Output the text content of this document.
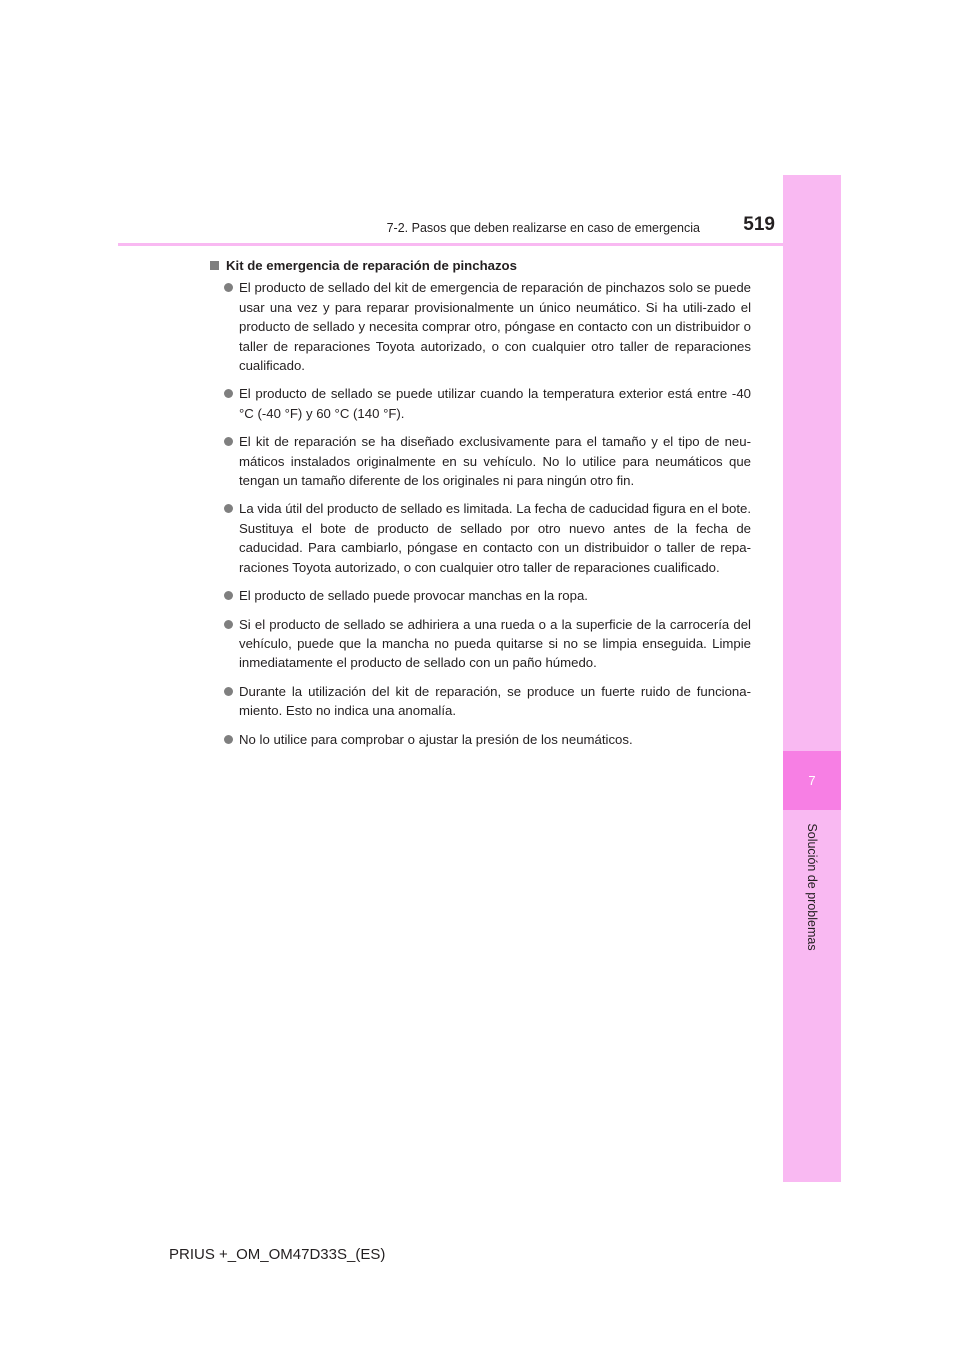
7
Solución de problemas
7-2. Pasos que deben realizarse en caso de emergencia	519
Kit de emergencia de reparación de pinchazos
El producto de sellado del kit de emergencia de reparación de pinchazos solo se puede usar una vez y para reparar provisionalmente un único neumático. Si ha utili-zado el producto de sellado y necesita comprar otro, póngase en contacto con un distribuidor o taller de reparaciones Toyota autorizado, o con cualquier otro taller de reparaciones cualificado.
El producto de sellado se puede utilizar cuando la temperatura exterior está entre -40 °C (-40 °F) y 60 °C (140 °F).
El kit de reparación se ha diseñado exclusivamente para el tamaño y el tipo de neu-máticos instalados originalmente en su vehículo. No lo utilice para neumáticos que tengan un tamaño diferente de los originales ni para ningún otro fin.
La vida útil del producto de sellado es limitada. La fecha de caducidad figura en el bote. Sustituya el bote de producto de sellado por otro nuevo antes de la fecha de caducidad. Para cambiarlo, póngase en contacto con un distribuidor o taller de repa-raciones Toyota autorizado, o con cualquier otro taller de reparaciones cualificado.
El producto de sellado puede provocar manchas en la ropa.
Si el producto de sellado se adhiriera a una rueda o a la superficie de la carrocería del vehículo, puede que la mancha no pueda quitarse si no se limpia enseguida. Limpie inmediatamente el producto de sellado con un paño húmedo.
Durante la utilización del kit de reparación, se produce un fuerte ruido de funciona-miento. Esto no indica una anomalía.
No lo utilice para comprobar o ajustar la presión de los neumáticos.
PRIUS +_OM_OM47D33S_(ES)
